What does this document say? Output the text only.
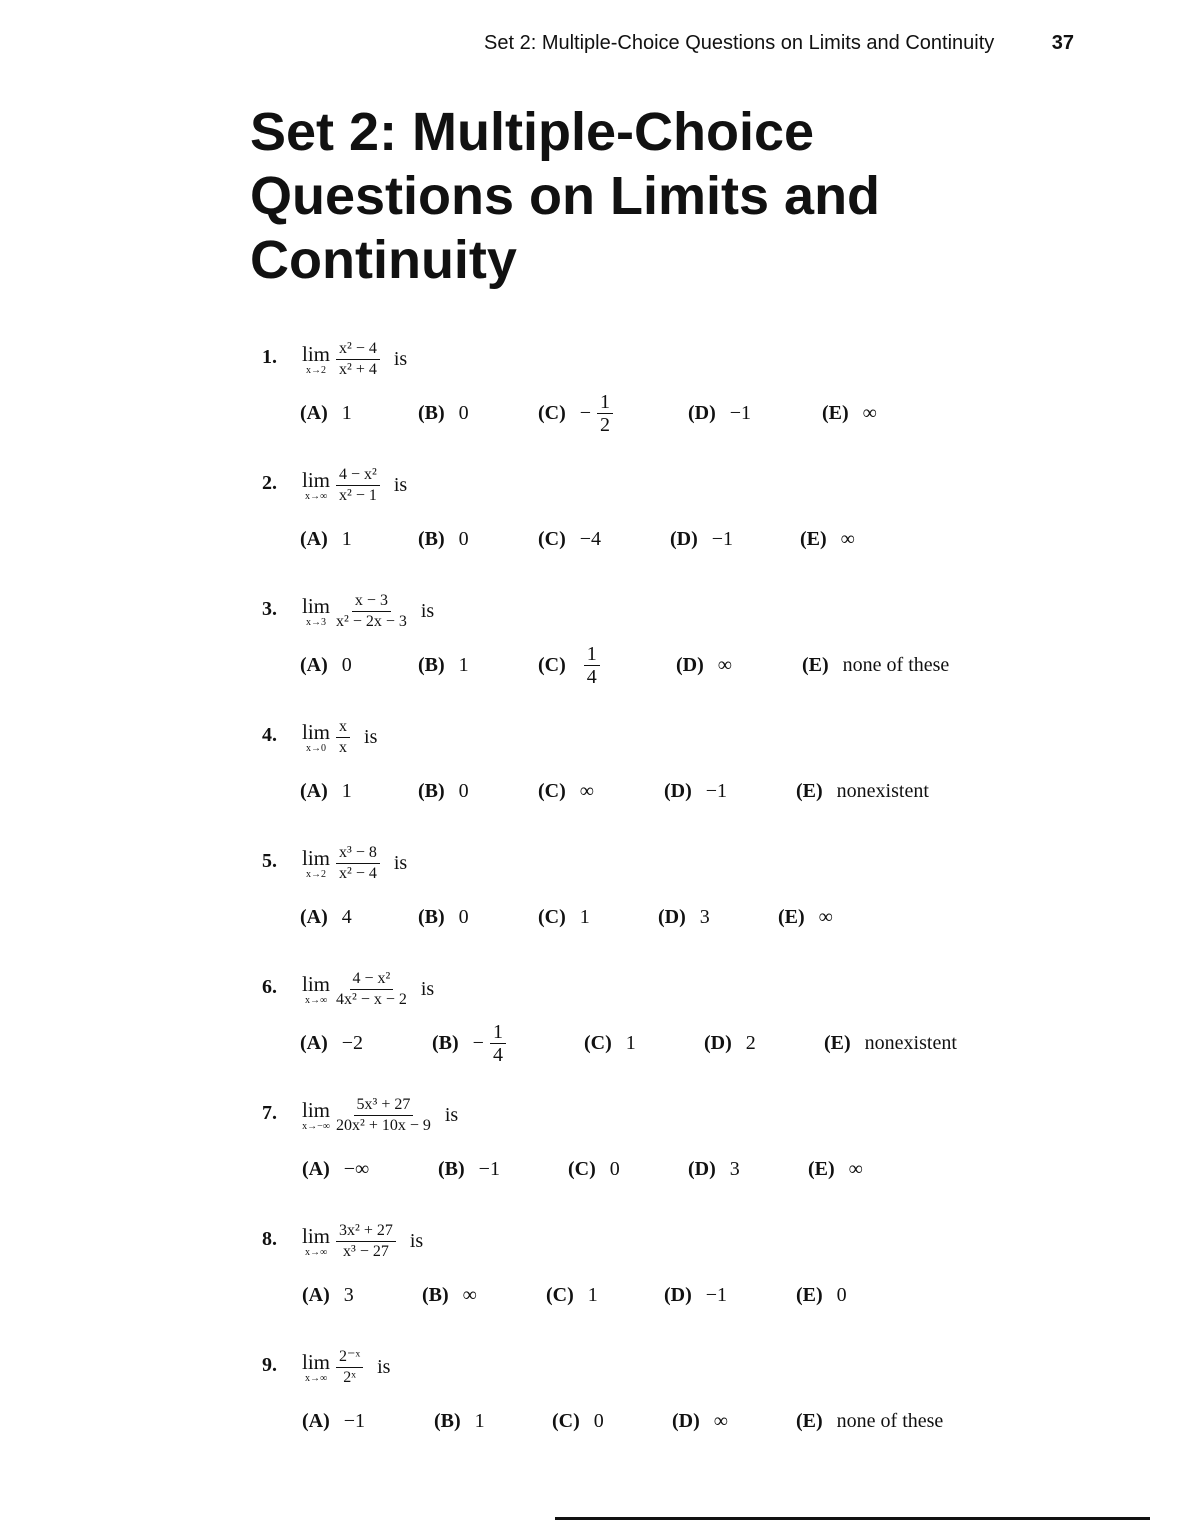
Set 2: Multiple-Choice Questions on Limits and Continuity	37
Set 2: Multiple-Choice Questions on Limits and Continuity
1. lim
$x\to 2 \frac{\text{x² − 4}}{\text{x² + 4}}$ is
(A) 1	(B) 0	$(C) - \frac{1}{2}$	(D) −1	(E) ∞
2. lim
$x\to\infty \frac{\text{4 − x²}}{\text{x² − 1}}$ is
(A) 1	(B) 0	(C) −4	(D) −1	(E) ∞
3. lim
$x\to 3 \frac{x - 3}{\text{x² − 2x − 3}}$ is
(A) 0	(B) 1	$(C) \frac{1}{4}$	(D) ∞	(E) none of these
4. lim
$x\to 0 \frac{x}{x}$ is
(A) 1	(B) 0	(C) ∞	(D) −1	(E) nonexistent
5. lim
$x\to 2 \frac{\text{x³ − 8}}{\text{x² − 4}}$ is
(A) 4	(B) 0	(C) 1	(D) 3	(E) ∞
6. lim
$x\to\infty \frac{\text{4 − x²}}{\text{4x² − x − 2}}$ is
(A) −2	$(B) - \frac{1}{4}$	(C) 1	(D) 2	(E) nonexistent
7. lim
$x\to-\infty \frac{\text{5x³ + 27}}{\text{20x² + 10x − 9}}$ is
(A) −∞	(B) −1	(C) 0	(D) 3	(E) ∞
8. lim
$x\to\infty \frac{\text{3x² + 27}}{\text{x³ − 27}}$ is
(A) 3	(B) ∞	(C) 1	(D) −1	(E) 0
9. lim
$x\to\infty \frac{\text{2⁻ˣ}}{\text{2ˣ}}$ is
(A) −1	(B) 1	(C) 0	(D) ∞	(E) none of these
